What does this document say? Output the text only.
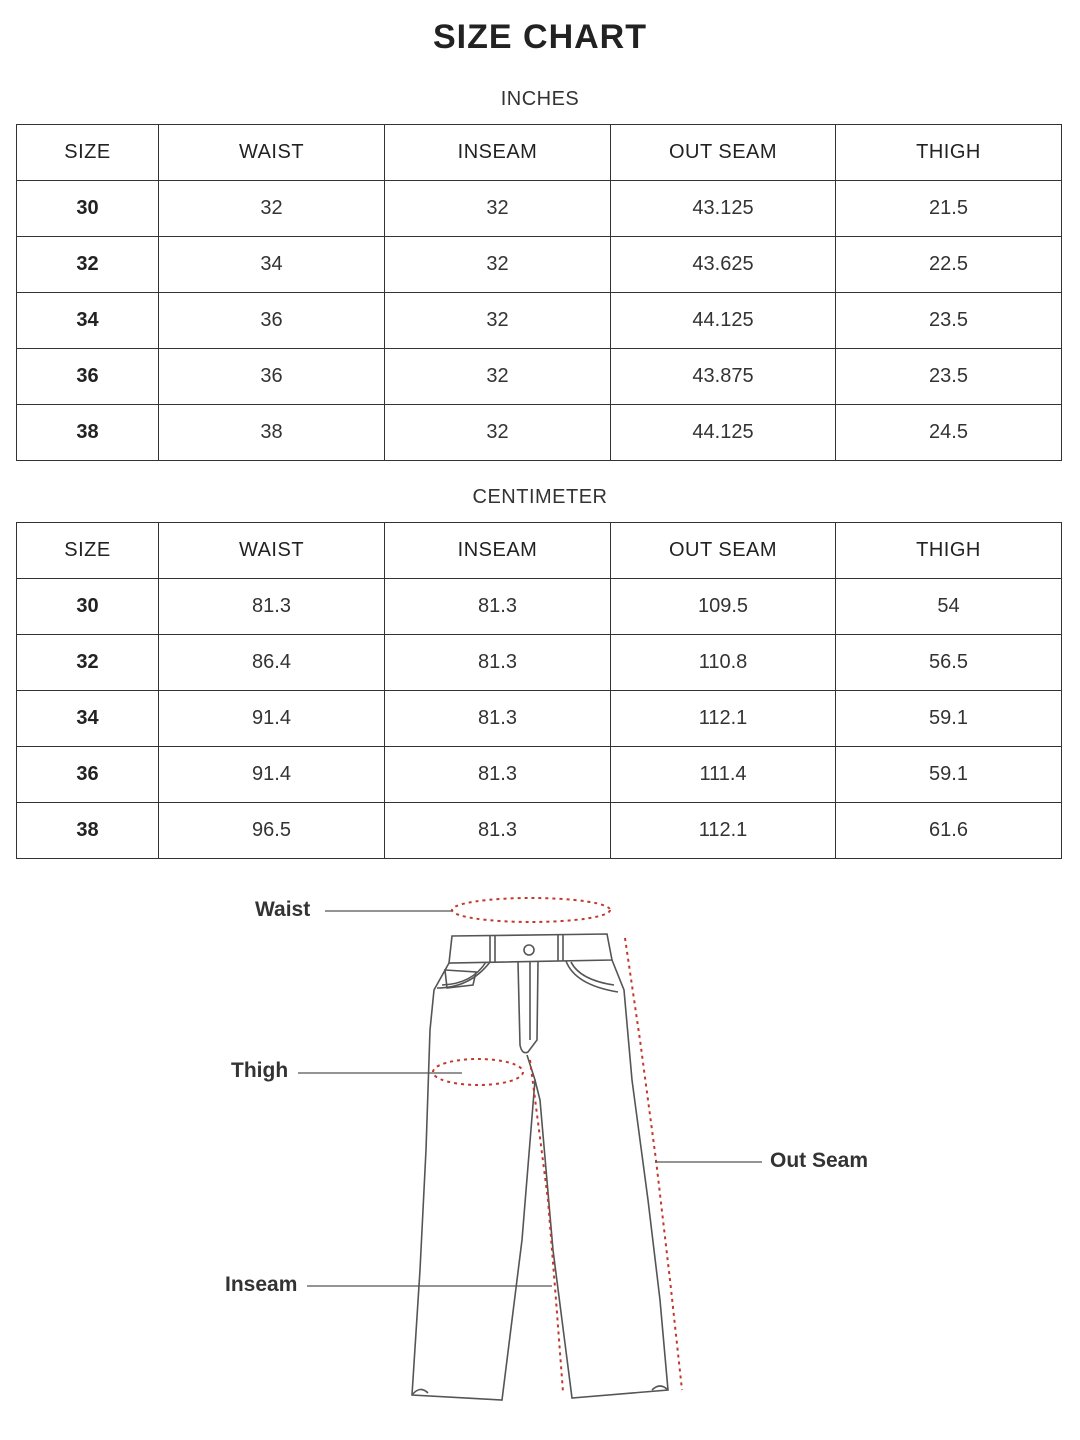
SIZE CHART
INCHES
SIZE	WAIST	INSEAM	OUT SEAM	THIGH
30	32	32	43.125	21.5
32	34	32	43.625	22.5
34	36	32	44.125	23.5
36	36	32	43.875	23.5
38	38	32	44.125	24.5
CENTIMETER
SIZE	WAIST	INSEAM	OUT SEAM	THIGH
30	81.3	81.3	109.5	54
32	86.4	81.3	110.8	56.5
34	91.4	81.3	112.1	59.1
36	91.4	81.3	111.4	59.1
38	96.5	81.3	112.1	61.6
Waist
Thigh
Inseam
Out Seam
